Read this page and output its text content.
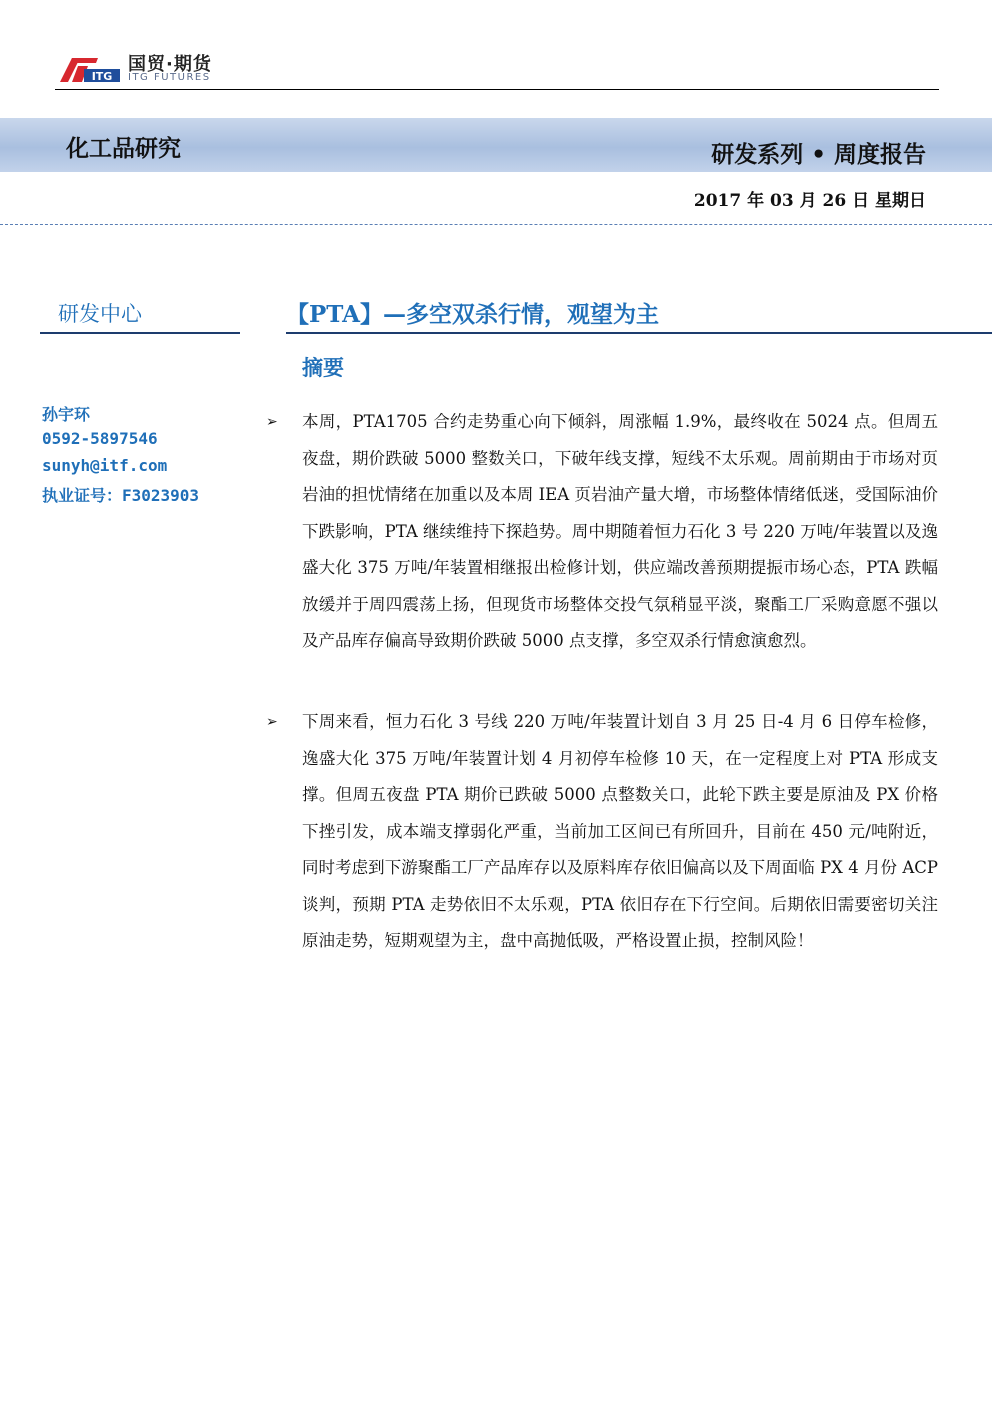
ITG
国贸·期货
ITG FUTURES
化工品研究	研发系列 • 周度报告
2017 年 03 月 26 日 星期日
研发中心
孙宇环
0592-5897546
sunyh@itf.com
执业证号：F3023903
【PTA】—多空双杀行情，观望为主
摘要
➢ 本周，PTA1705 合约走势重心向下倾斜，周涨幅 1.9%，最终收在 5024 点。但周五夜盘，期价跌破 5000 整数关口，下破年线支撑，短线不太乐观。周前期由于市场对页岩油的担忧情绪在加重以及本周 IEA 页岩油产量大增，市场整体情绪低迷，受国际油价下跌影响，PTA 继续维持下探趋势。周中期随着恒力石化 3 号 220 万吨/年装置以及逸盛大化 375 万吨/年装置相继报出检修计划，供应端改善预期提振市场心态，PTA 跌幅放缓并于周四震荡上扬，但现货市场整体交投气氛稍显平淡，聚酯工厂采购意愿不强以及产品库存偏高导致期价跌破 5000 点支撑，多空双杀行情愈演愈烈。

➢ 下周来看，恒力石化 3 号线 220 万吨/年装置计划自 3 月 25 日-4 月 6 日停车检修，逸盛大化 375 万吨/年装置计划 4 月初停车检修 10 天，在一定程度上对 PTA 形成支撑。但周五夜盘 PTA 期价已跌破 5000 点整数关口，此轮下跌主要是原油及 PX 价格下挫引发，成本端支撑弱化严重，当前加工区间已有所回升，目前在 450 元/吨附近，同时考虑到下游聚酯工厂产品库存以及原料库存依旧偏高以及下周面临 PX 4 月份 ACP 谈判，预期 PTA 走势依旧不太乐观，PTA 依旧存在下行空间。后期依旧需要密切关注原油走势，短期观望为主，盘中高抛低吸，严格设置止损，控制风险！
